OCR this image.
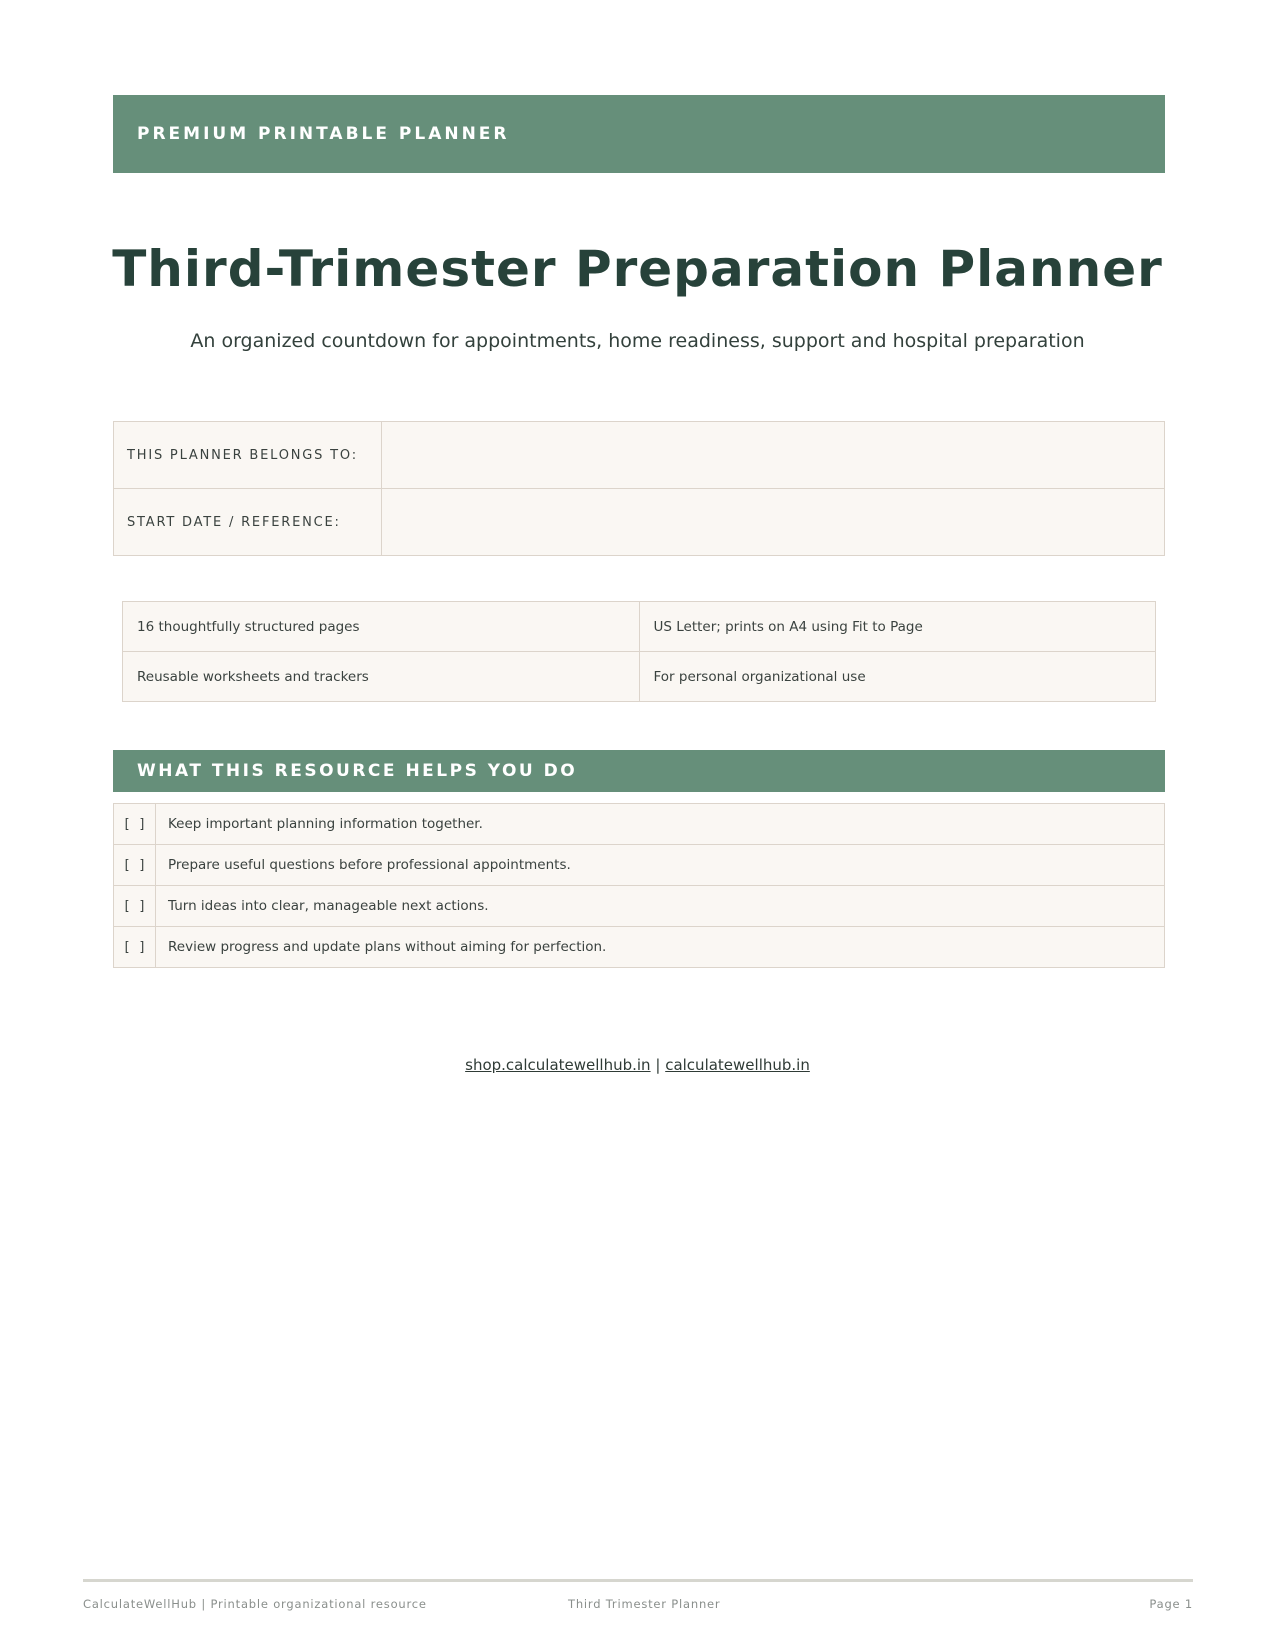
PREMIUM PRINTABLE PLANNER
Third-Trimester Preparation Planner
An organized countdown for appointments, home readiness, support and hospital preparation
THIS PLANNER BELONGS TO:	
START DATE / REFERENCE:	
16 thoughtfully structured pages	US Letter; prints on A4 using Fit to Page
Reusable worksheets and trackers	For personal organizational use
WHAT THIS RESOURCE HELPS YOU DO
[ ]	Keep important planning information together.
[ ]	Prepare useful questions before professional appointments.
[ ]	Turn ideas into clear, manageable next actions.
[ ]	Review progress and update plans without aiming for perfection.
shop.calculatewellhub.in | calculatewellhub.in
CalculateWellHub | Printable organizational resource	Third Trimester Planner	Page 1
